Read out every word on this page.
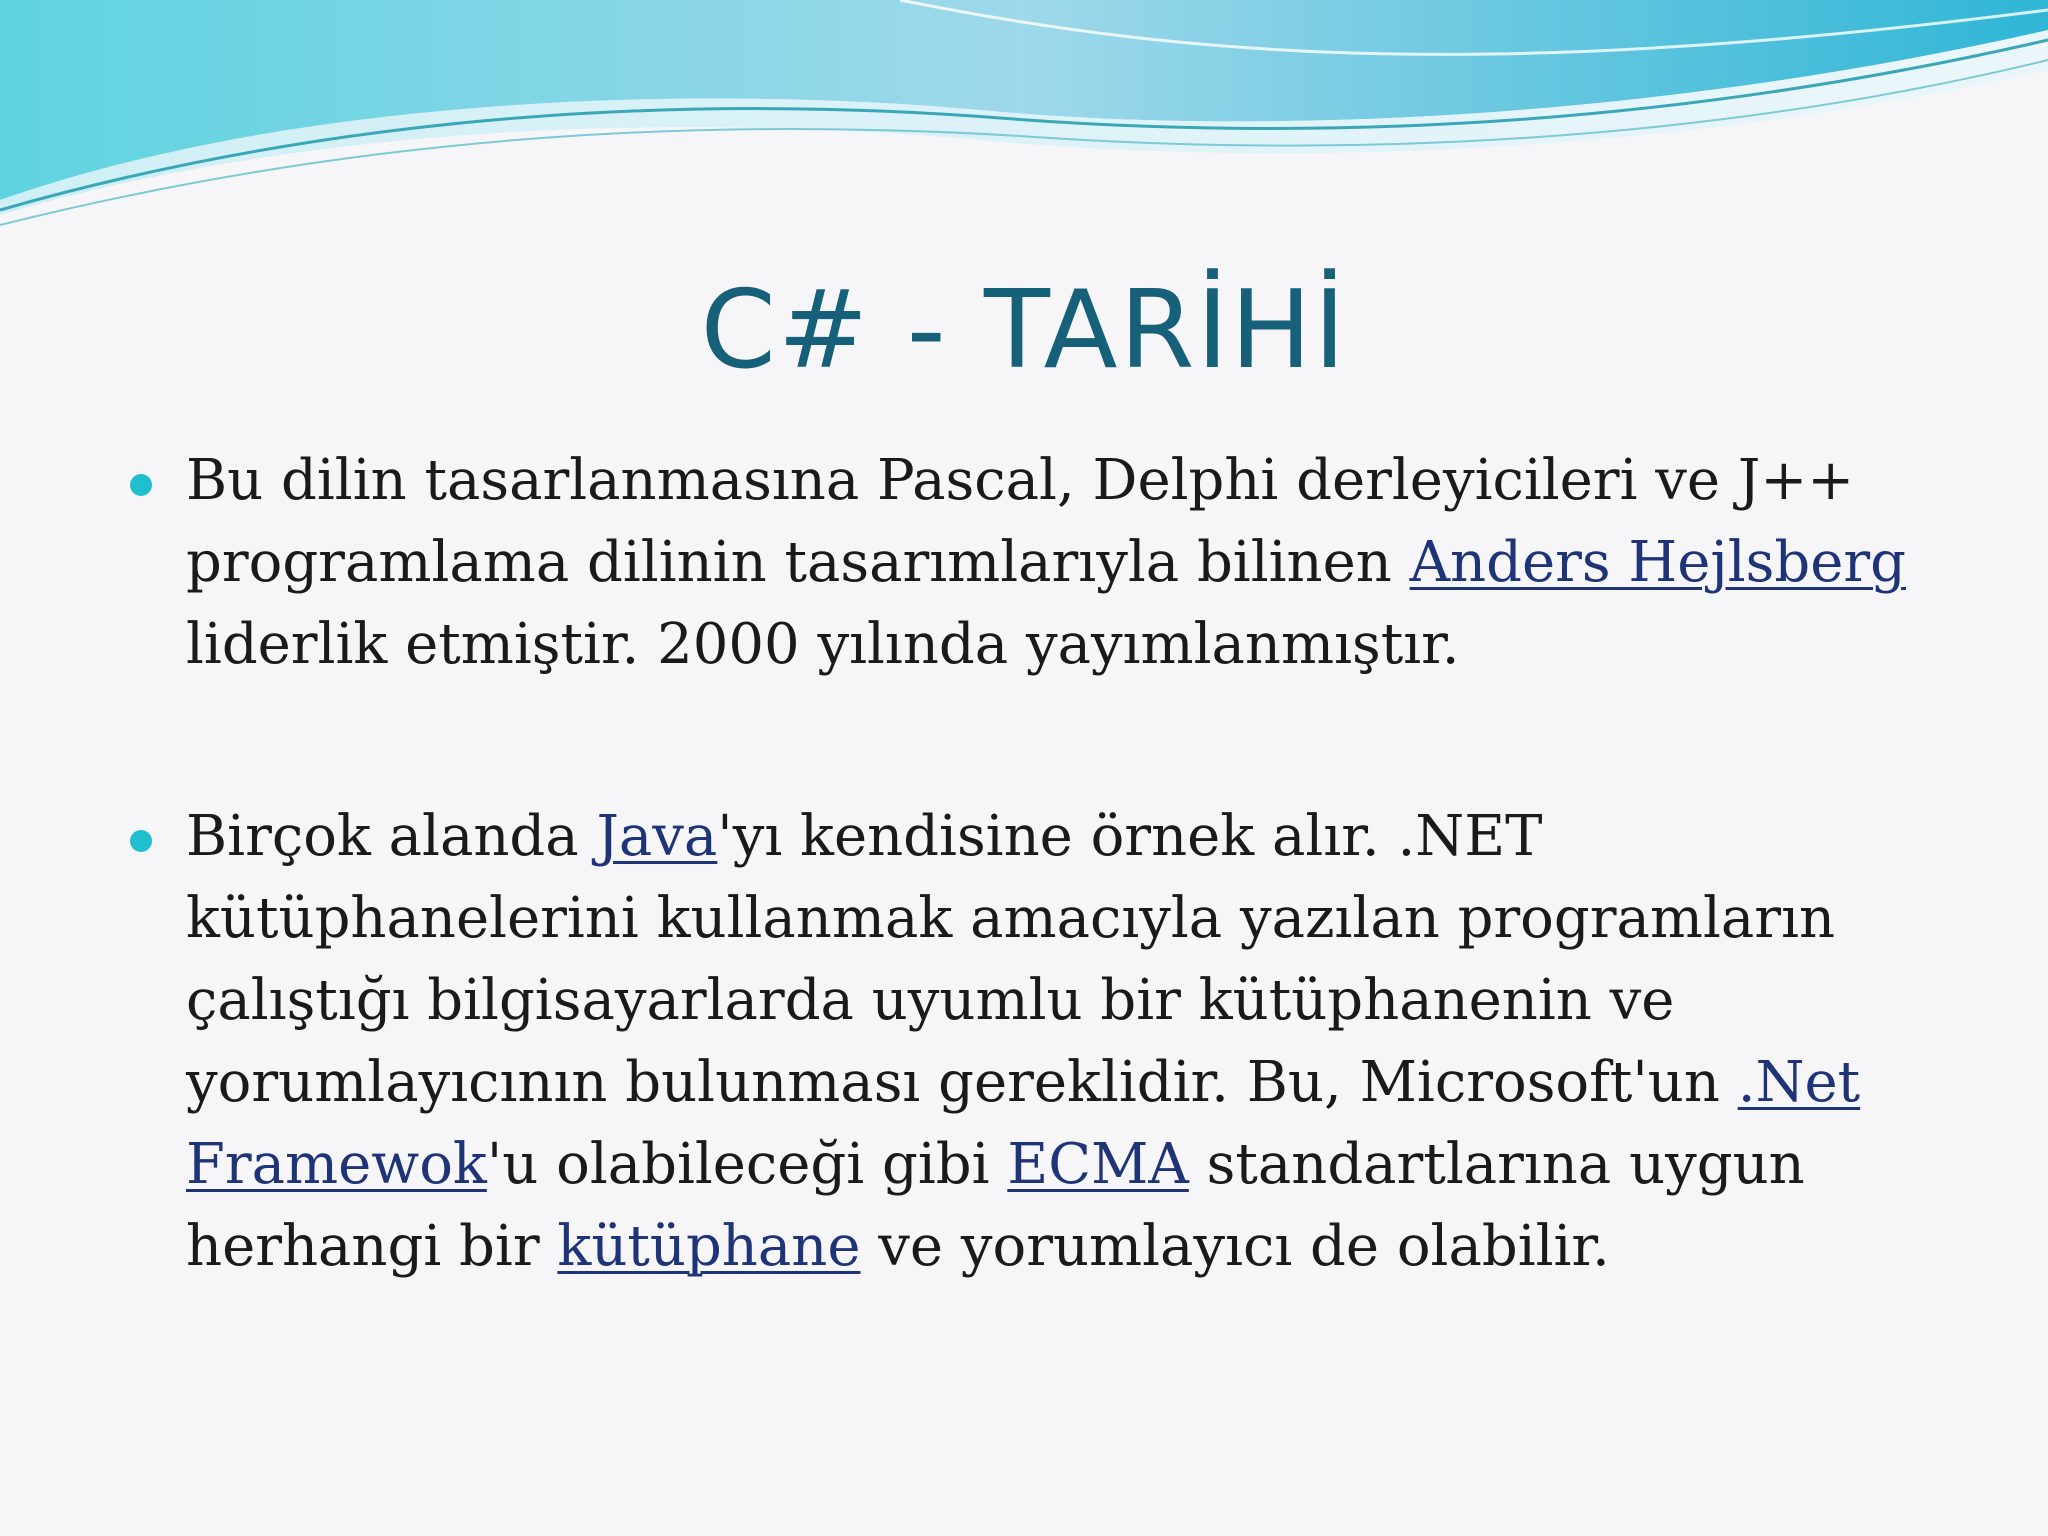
C# - TARİHİ

Bu dilin tasarlanmasına Pascal, Delphi derleyicileri ve J++ programlama dilinin tasarımlarıyla bilinen Anders Hejlsberg liderlik etmiştir. 2000 yılında yayımlanmıştır.

Birçok alanda Java'yı kendisine örnek alır. .NET kütüphanelerini kullanmak amacıyla yazılan programların çalıştığı bilgisayarlarda uyumlu bir kütüphanenin ve yorumlayıcının bulunması gereklidir. Bu, Microsoft'un .Net Framewok'u olabileceği gibi ECMA standartlarına uygun herhangi bir kütüphane ve yorumlayıcı de olabilir.
